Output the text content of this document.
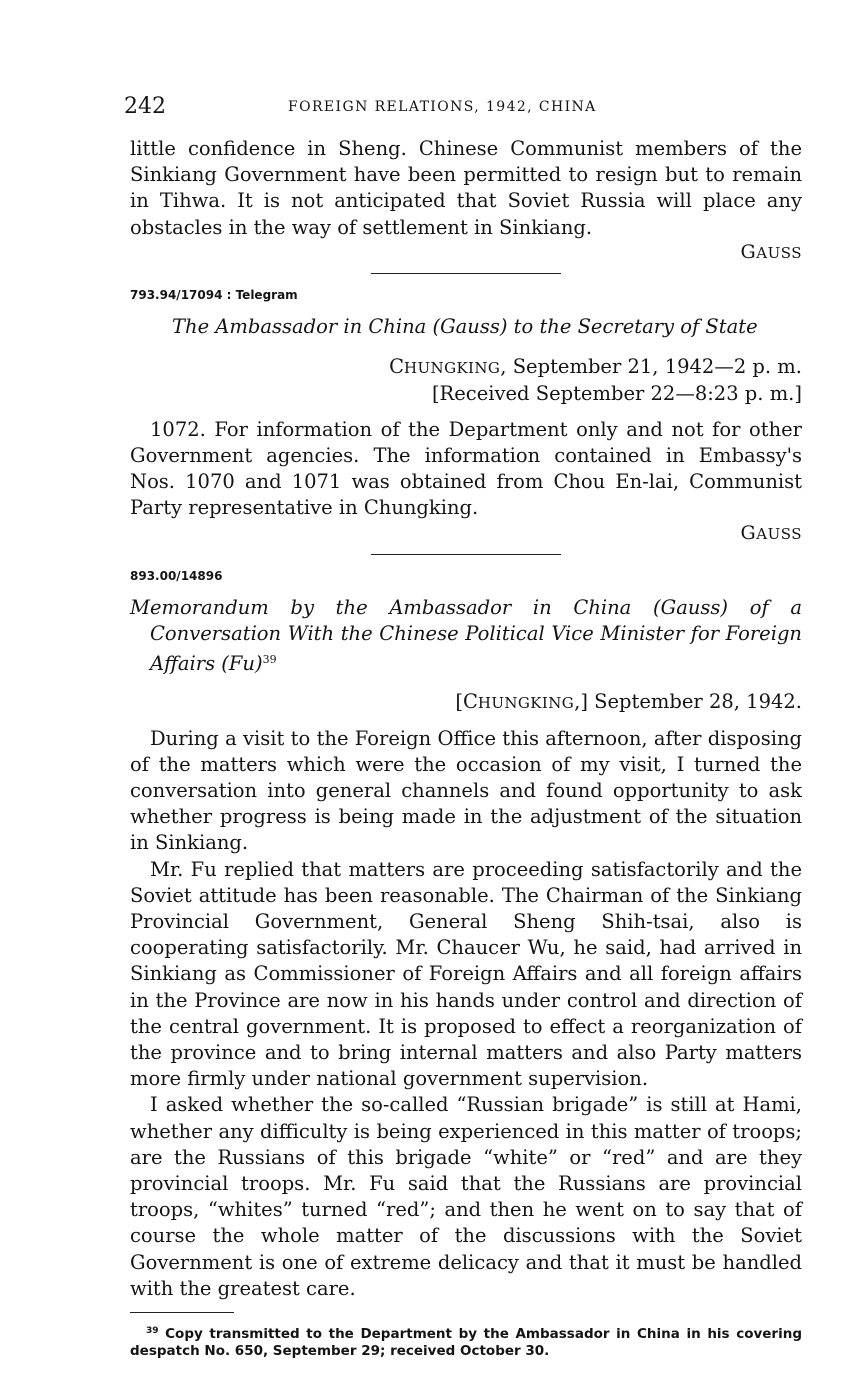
242	FOREIGN RELATIONS, 1942, CHINA

little confidence in Sheng. Chinese Communist members of the Sinkiang Government have been permitted to resign but to remain in Tihwa. It is not anticipated that Soviet Russia will place any obstacles in the way of settlement in Sinkiang.

GAUSS
793.94/17094 : Telegram
The Ambassador in China (Gauss) to the Secretary of State
CHUNGKING, September 21, 1942—2 p. m.
[Received September 22—8:23 p. m.]

1072. For information of the Department only and not for other Government agencies. The information contained in Embassy's Nos. 1070 and 1071 was obtained from Chou En-lai, Communist Party representative in Chungking.

GAUSS
893.00/14896
Memorandum by the Ambassador in China (Gauss) of a Conversation With the Chinese Political Vice Minister for Foreign Affairs $(Fu)^{39}$
[CHUNGKING,] September 28, 1942.

During a visit to the Foreign Office this afternoon, after disposing of the matters which were the occasion of my visit, I turned the conversation into general channels and found opportunity to ask whether progress is being made in the adjustment of the situation in Sinkiang.

Mr. Fu replied that matters are proceeding satisfactorily and the Soviet attitude has been reasonable. The Chairman of the Sinkiang Provincial Government, General Sheng Shih-tsai, also is cooperating satisfactorily. Mr. Chaucer Wu, he said, had arrived in Sinkiang as Commissioner of Foreign Affairs and all foreign affairs in the Province are now in his hands under control and direction of the central government. It is proposed to effect a reorganization of the province and to bring internal matters and also Party matters more firmly under national government supervision.

I asked whether the so-called “Russian brigade” is still at Hami, whether any difficulty is being experienced in this matter of troops; are the Russians of this brigade “white” or “red” and are they provincial troops. Mr. Fu said that the Russians are provincial troops, “whites” turned “red”; and then he went on to say that of course the whole matter of the discussions with the Soviet Government is one of extreme delicacy and that it must be handled with the greatest care.

$^{39}$ Copy transmitted to the Department by the Ambassador in China in his covering despatch No. 650, September 29; received October 30.
